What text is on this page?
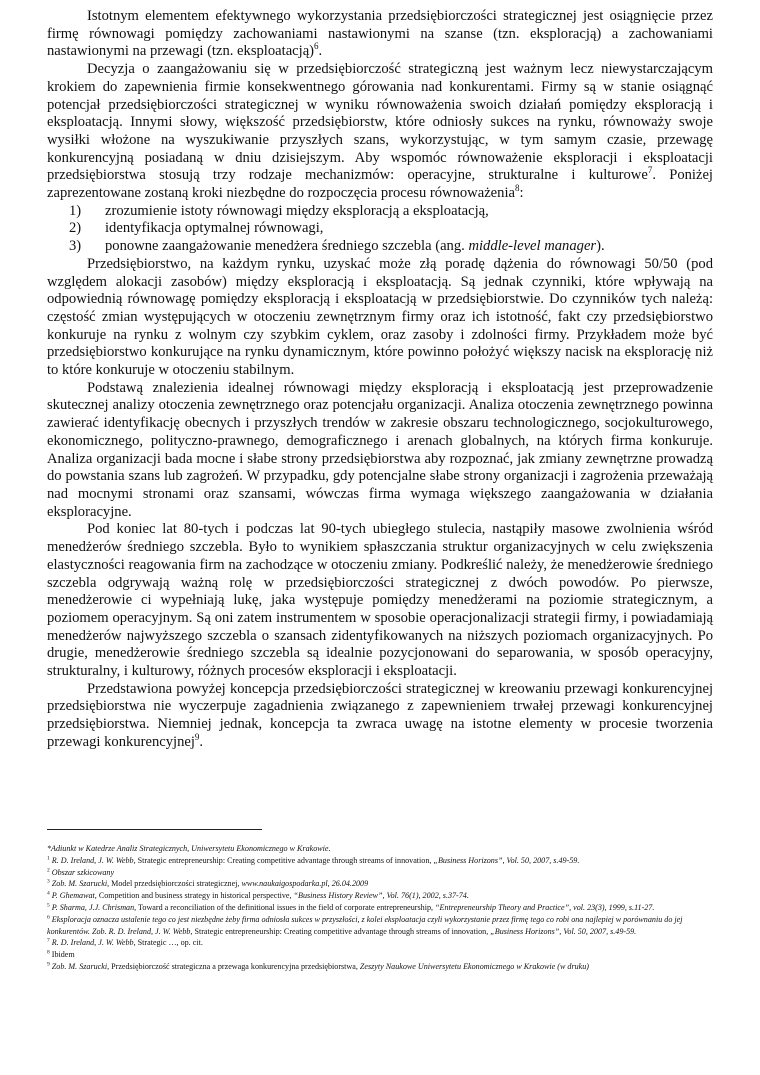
Istotnym elementem efektywnego wykorzystania przedsiębiorczości strategicznej jest osiągnięcie przez firmę równowagi pomiędzy zachowaniami nastawionymi na szanse (tzn. eksploracją) a zachowaniami nastawionymi na przewagi (tzn. eksploatacją)$^6$.

Decyzja o zaangażowaniu się w przedsiębiorczość strategiczną jest ważnym lecz niewystarczającym krokiem do zapewnienia firmie konsekwentnego górowania nad konkurentami. Firmy są w stanie osiągnąć potencjał przedsiębiorczości strategicznej w wyniku równoważenia swoich działań pomiędzy eksploracją i eksploatacją. Innymi słowy, większość przedsiębiorstw, które odniosły sukces na rynku, równoważy swoje wysiłki włożone na wyszukiwanie przyszłych szans, wykorzystując, w tym samym czasie, przewagę konkurencyjną posiadaną w dniu dzisiejszym. Aby wspomóc równoważenie eksploracji i eksploatacji przedsiębiorstwa stosują trzy rodzaje mechanizmów: operacyjne, strukturalne i kulturowe$^7$. Poniżej zaprezentowane zostaną kroki niezbędne do rozpoczęcia procesu równoważenia$^8$:

1)	zrozumienie istoty równowagi między eksploracją a eksploatacją,
2)	identyfikacja optymalnej równowagi,
3)	ponowne zaangażowanie menedżera średniego szczebla (ang. middle-level manager).

Przedsiębiorstwo, na każdym rynku, uzyskać może złą poradę dążenia do równowagi 50/50 (pod względem alokacji zasobów) między eksploracją i eksploatacją. Są jednak czynniki, które wpływają na odpowiednią równowagę pomiędzy eksploracją i eksploatacją w przedsiębiorstwie. Do czynników tych należą: częstość zmian występujących w otoczeniu zewnętrznym firmy oraz ich istotność, fakt czy przedsiębiorstwo konkuruje na rynku z wolnym czy szybkim cyklem, oraz zasoby i zdolności firmy. Przykładem może być przedsiębiorstwo konkurujące na rynku dynamicznym, które powinno położyć większy nacisk na eksplorację niż to które konkuruje w otoczeniu stabilnym.

Podstawą znalezienia idealnej równowagi między eksploracją i eksploatacją jest przeprowadzenie skutecznej analizy otoczenia zewnętrznego oraz potencjału organizacji. Analiza otoczenia zewnętrznego powinna zawierać identyfikację obecnych i przyszłych trendów w zakresie obszaru technologicznego, socjokulturowego, ekonomicznego, polityczno-prawnego, demograficznego i arenach globalnych, na których firma konkuruje. Analiza organizacji bada mocne i słabe strony przedsiębiorstwa aby rozpoznać, jak zmiany zewnętrzne prowadzą do powstania szans lub zagrożeń. W przypadku, gdy potencjalne słabe strony organizacji i zagrożenia przeważają nad mocnymi stronami oraz szansami, wówczas firma wymaga większego zaangażowania w działania eksploracyjne.

Pod koniec lat 80-tych i podczas lat 90-tych ubiegłego stulecia, nastąpiły masowe zwolnienia wśród menedżerów średniego szczebla. Było to wynikiem spłaszczania struktur organizacyjnych w celu zwiększenia elastyczności reagowania firm na zachodzące w otoczeniu zmiany. Podkreślić należy, że menedżerowie średniego szczebla odgrywają ważną rolę w przedsiębiorczości strategicznej z dwóch powodów. Po pierwsze, menedżerowie ci wypełniają lukę, jaka występuje pomiędzy menedżerami na poziomie strategicznym, a poziomem operacyjnym. Są oni zatem instrumentem w sposobie operacjonalizacji strategii firmy, i powiadamiają menedżerów najwyższego szczebla o szansach zidentyfikowanych na niższych poziomach organizacyjnych. Po drugie, menedżerowie średniego szczebla są idealnie pozycjonowani do separowania, w sposób operacyjny, strukturalny, i kulturowy, różnych procesów eksploracji i eksploatacji.

Przedstawiona powyżej koncepcja przedsiębiorczości strategicznej w kreowaniu przewagi konkurencyjnej przedsiębiorstwa nie wyczerpuje zagadnienia związanego z zapewnieniem trwałej przewagi konkurencyjnej przedsiębiorstwa. Niemniej jednak, koncepcja ta zwraca uwagę na istotne elementy w procesie tworzenia przewagi konkurencyjnej$^9$.

*Adiunkt w Katedrze Analiz Strategicznych, Uniwersytetu Ekonomicznego w Krakowie.
$^1$ R. D. Ireland, J. W. Webb, Strategic entrepreneurship: Creating competitive advantage through streams of innovation, „Business Horizons”, Vol. 50, 2007, s.49-59.
$^2$ Obszar szkicowany
$^3$ Zob. M. Szarucki, Model przedsiębiorczości strategicznej, www.naukaigospodarka.pl, 26.04.2009
$^4$ P. Ghemawat, Competition and business strategy in historical perspective, “Business History Review”, Vol. 76(1), 2002, s.37-74.
$^5$ P. Sharma, J.J. Chrisman, Toward a reconciliation of the definitional issues in the field of corporate entrepreneurship, “Entrepreneurship Theory and Practice”, vol. 23(3), 1999, s.11-27.
$^6$ Eksploracja oznacza ustalenie tego co jest niezbędne żeby firma odniosła sukces w przyszłości, z kolei eksploatacja czyli wykorzystanie przez firmę tego co robi ona najlepiej w porównaniu do jej konkurentów. Zob. R. D. Ireland, J. W. Webb, Strategic entrepreneurship: Creating competitive advantage through streams of innovation, „Business Horizons”, Vol. 50, 2007, s.49-59.
$^7$ R. D. Ireland, J. W. Webb, Strategic …, op. cit.
$^8$ Ibidem
$^9$ Zob. M. Szarucki, Przedsiębiorczość strategiczna a przewaga konkurencyjna przedsiębiorstwa, Zeszyty Naukowe Uniwersytetu Ekonomicznego w Krakowie (w druku)
